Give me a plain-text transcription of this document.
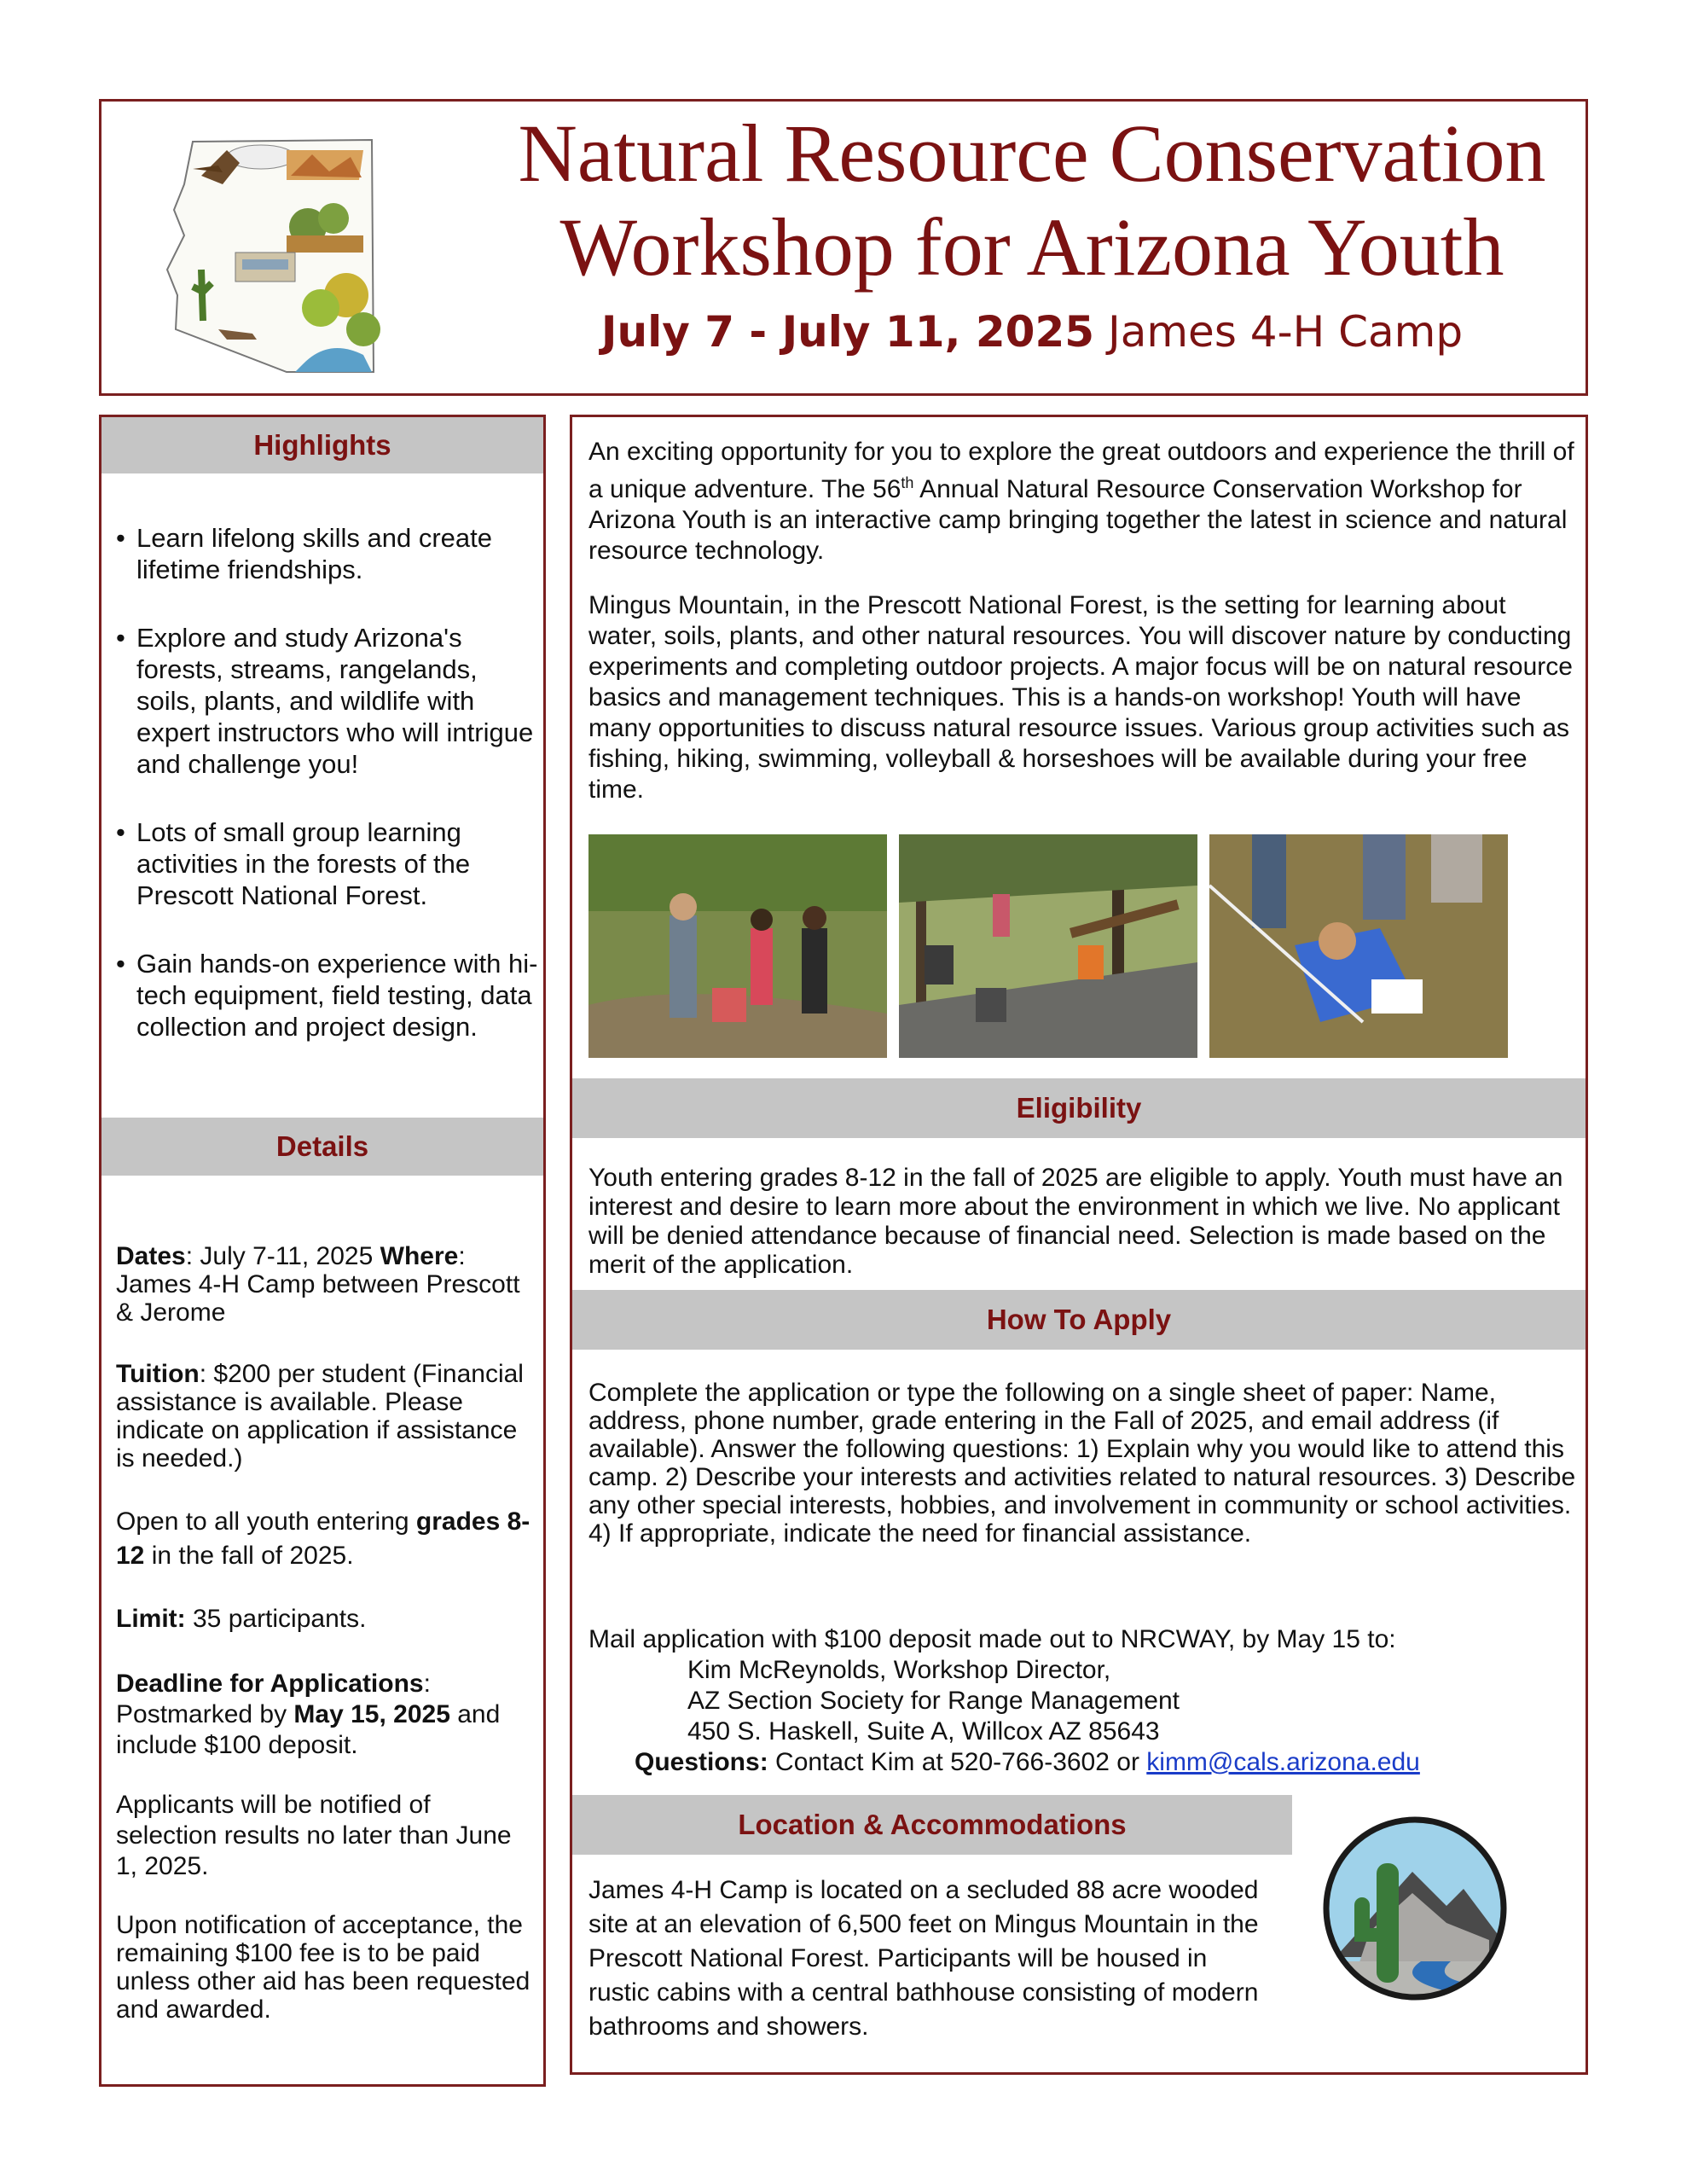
Natural Resource Conservation
Workshop for Arizona Youth
July 7 - July 11, 2025 James 4-H Camp
Highlights
• Learn lifelong skills and create lifetime friendships.
• Explore and study Arizona's forests, streams, rangelands, soils, plants, and wildlife with expert instructors who will intrigue and challenge you!
• Lots of small group learning activities in the forests of the Prescott National Forest.
• Gain hands-on experience with hi-tech equipment, field testing, data collection and project design.
Details
Dates: July 7-11, 2025 Where: James 4-H Camp between Prescott & Jerome
Tuition: $200 per student (Financial assistance is available. Please indicate on application if assistance is needed.)
Open to all youth entering grades 8-12 in the fall of 2025.
Limit: 35 participants.
Deadline for Applications: Postmarked by May 15, 2025 and include $100 deposit.
Applicants will be notified of selection results no later than June 1, 2025.
Upon notification of acceptance, the remaining $100 fee is to be paid unless other aid has been requested and awarded.
An exciting opportunity for you to explore the great outdoors and experience the thrill of a unique adventure. The 56th Annual Natural Resource Conservation Workshop for Arizona Youth is an interactive camp bringing together the latest in science and natural resource technology.
Mingus Mountain, in the Prescott National Forest, is the setting for learning about water, soils, plants, and other natural resources. You will discover nature by conducting experiments and completing outdoor projects. A major focus will be on natural resource basics and management techniques. This is a hands-on workshop! Youth will have many opportunities to discuss natural resource issues. Various group activities such as fishing, hiking, swimming, volleyball & horseshoes will be available during your free time.
Eligibility
Youth entering grades 8-12 in the fall of 2025 are eligible to apply. Youth must have an interest and desire to learn more about the environment in which we live. No applicant will be denied attendance because of financial need. Selection is made based on the merit of the application.
How To Apply
Complete the application or type the following on a single sheet of paper: Name, address, phone number, grade entering in the Fall of 2025, and email address (if available). Answer the following questions: 1) Explain why you would like to attend this camp. 2) Describe your interests and activities related to natural resources. 3) Describe any other special interests, hobbies, and involvement in community or school activities. 4) If appropriate, indicate the need for financial assistance.
Mail application with $100 deposit made out to NRCWAY, by May 15 to:
Kim McReynolds, Workshop Director,
AZ Section Society for Range Management
450 S. Haskell, Suite A, Willcox AZ 85643
Questions: Contact Kim at 520-766-3602 or kimm@cals.arizona.edu
Location & Accommodations
James 4-H Camp is located on a secluded 88 acre wooded site at an elevation of 6,500 feet on Mingus Mountain in the Prescott National Forest. Participants will be housed in rustic cabins with a central bathhouse consisting of modern bathrooms and showers.
